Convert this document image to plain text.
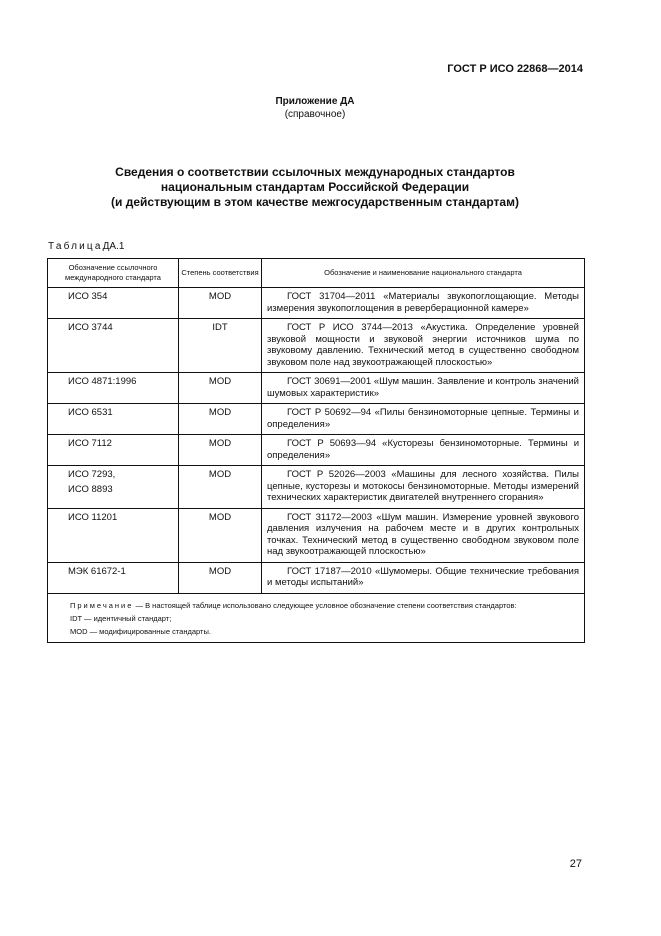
ГОСТ Р ИСО 22868—2014
Приложение ДА
(справочное)
Сведения о соответствии ссылочных международных стандартов
национальным стандартам Российской Федерации
(и действующим в этом качестве межгосударственным стандартам)
ТаблицаДА.1
Обозначение ссылочного международного стандарта	Степень соответствия	Обозначение и наименование национального стандарта

ИСО 354	MOD	ГОСТ 31704—2011 «Материалы звукопоглощающие. Методы измерения звукопоглощения в реверберационной камере»

ИСО 3744	IDT	ГОСТ Р ИСО 3744—2013 «Акустика. Определение уровней звуковой мощности и звуковой энергии источников шума по звуковому давлению. Технический метод в существенно свободном звуковом поле над звукоотражающей плоскостью»

ИСО 4871:1996	MOD	ГОСТ 30691—2001 «Шум машин. Заявление и контроль значений шумовых характеристик»

ИСО 6531	MOD	ГОСТ Р 50692—94 «Пилы бензиномоторные цепные. Термины и определения»

ИСО 7112	MOD	ГОСТ Р 50693—94 «Кусторезы бензиномоторные. Термины и определения»

ИСО 7293,
ИСО 8893	MOD	ГОСТ Р 52026—2003 «Машины для лесного хозяйства. Пилы цепные, кусторезы и мотокосы бензиномоторные. Методы измерений технических характеристик двигателей внутреннего сгорания»

ИСО 11201	MOD	ГОСТ 31172—2003 «Шум машин. Измерение уровней звукового давления излучения на рабочем месте и в других контрольных точках. Технический метод в существенно свободном звуковом поле над звукоотражающей плоскостью»

МЭК 61672-1	MOD	ГОСТ 17187—2010 «Шумомеры. Общие технические требования и методы испытаний»

Примечание — В настоящей таблице использовано следующее условное обозначение степени соответствия стандартов:
IDT — идентичный стандарт;
MOD — модифицированные стандарты.		
27
